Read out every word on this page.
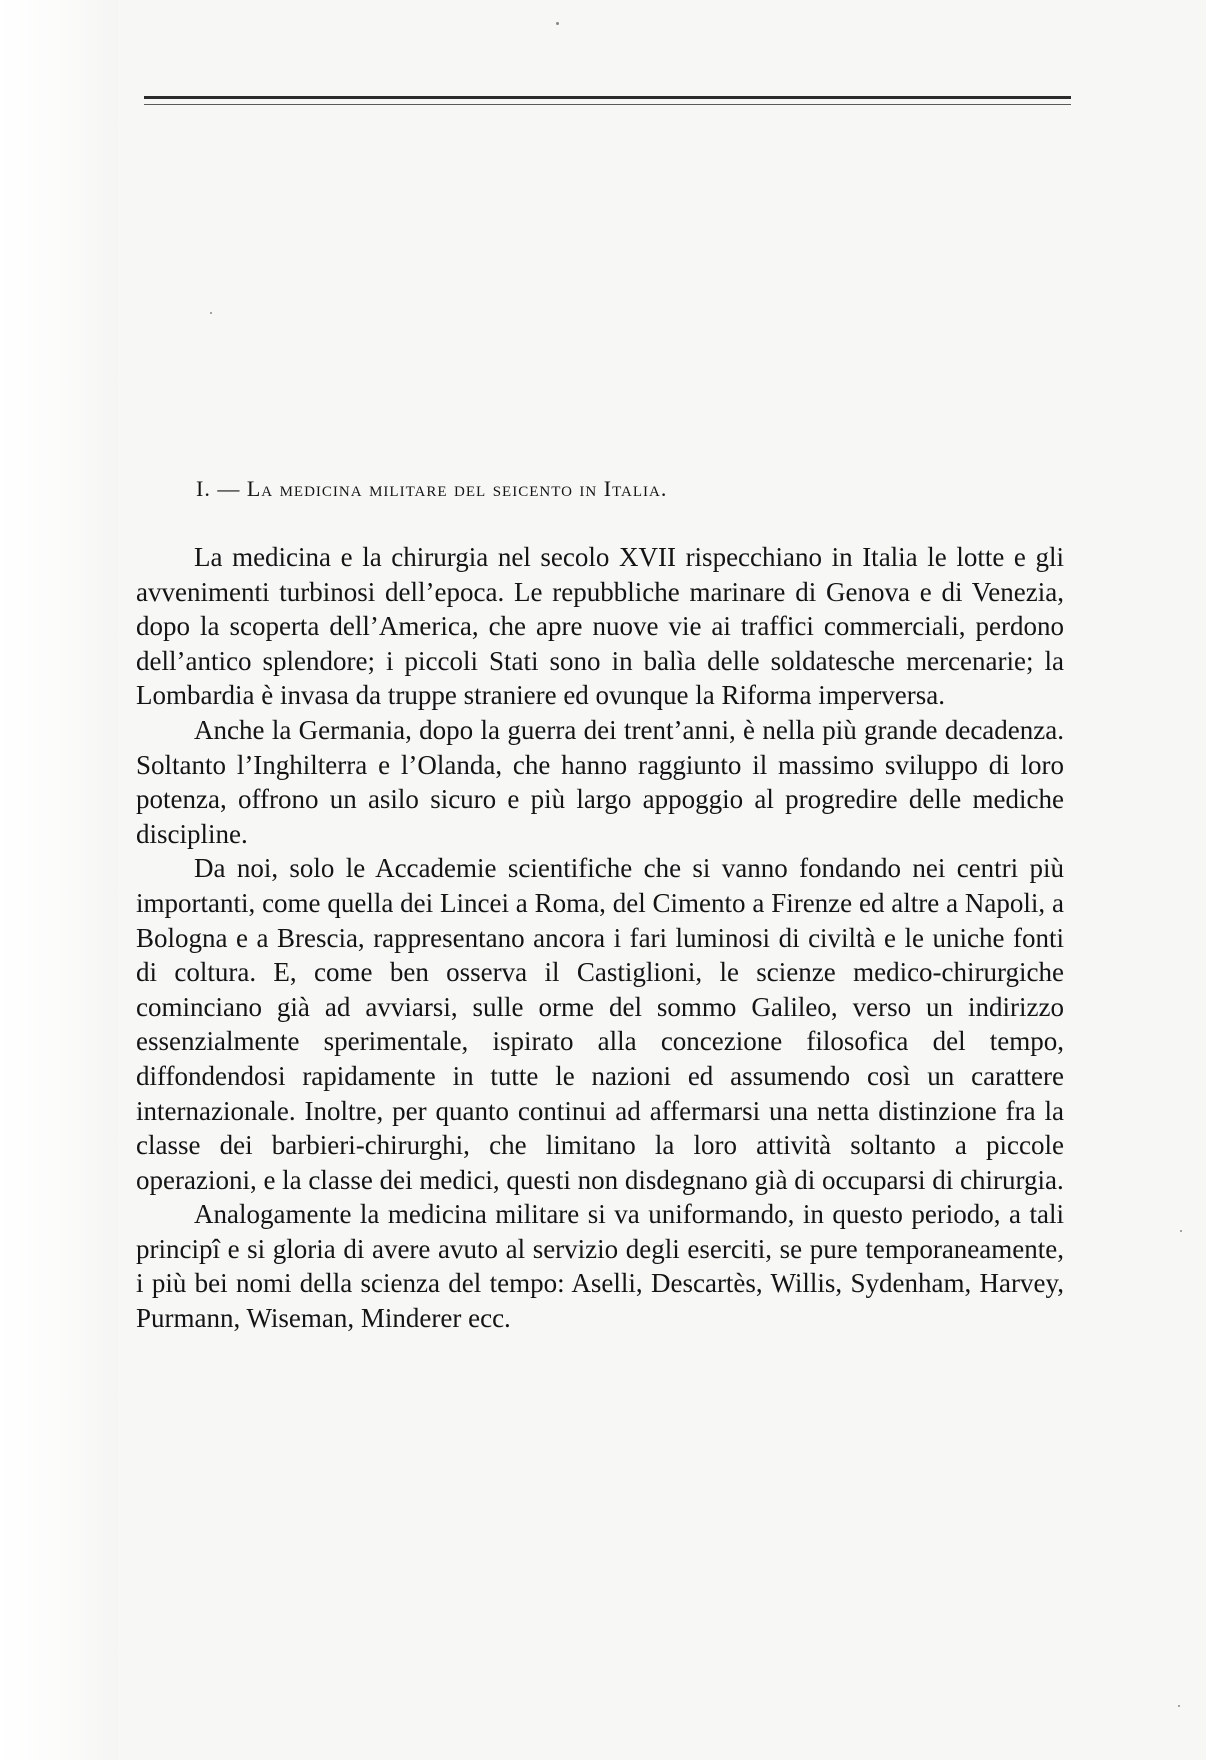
I. — La medicina militare del seicento in Italia.

La medicina e la chirurgia nel secolo XVII rispecchiano in Italia le lotte e gli avvenimenti turbinosi dell’epoca. Le repubbliche marinare di Genova e di Venezia, dopo la scoperta dell’America, che apre nuove vie ai traffici commerciali, perdono dell’antico splendore; i piccoli Stati sono in balìa delle soldatesche mercenarie; la Lombardia è invasa da truppe straniere ed ovunque la Riforma imperversa.

Anche la Germania, dopo la guerra dei trent’anni, è nella più grande decadenza. Soltanto l’Inghilterra e l’Olanda, che hanno raggiunto il massimo sviluppo di loro potenza, offrono un asilo sicuro e più largo appoggio al progredire delle mediche discipline.

Da noi, solo le Accademie scientifiche che si vanno fondando nei centri più importanti, come quella dei Lincei a Roma, del Cimento a Firenze ed altre a Napoli, a Bologna e a Brescia, rappresentano ancora i fari luminosi di civiltà e le uniche fonti di coltura. E, come ben osserva il Castiglioni, le scienze medico-chirurgiche cominciano già ad avviarsi, sulle orme del sommo Galileo, verso un indirizzo essenzialmente sperimentale, ispirato alla concezione filosofica del tempo, diffondendosi rapidamente in tutte le nazioni ed assumendo così un carattere internazionale. Inoltre, per quanto continui ad affermarsi una netta distinzione fra la classe dei barbieri-chirurghi, che limitano la loro attività soltanto a piccole operazioni, e la classe dei medici, questi non disdegnano già di occuparsi di chirurgia.

Analogamente la medicina militare si va uniformando, in questo periodo, a tali principî e si gloria di avere avuto al servizio degli eserciti, se pure temporaneamente, i più bei nomi della scienza del tempo: Aselli, Descartès, Willis, Sydenham, Harvey, Purmann, Wiseman, Minderer ecc.
